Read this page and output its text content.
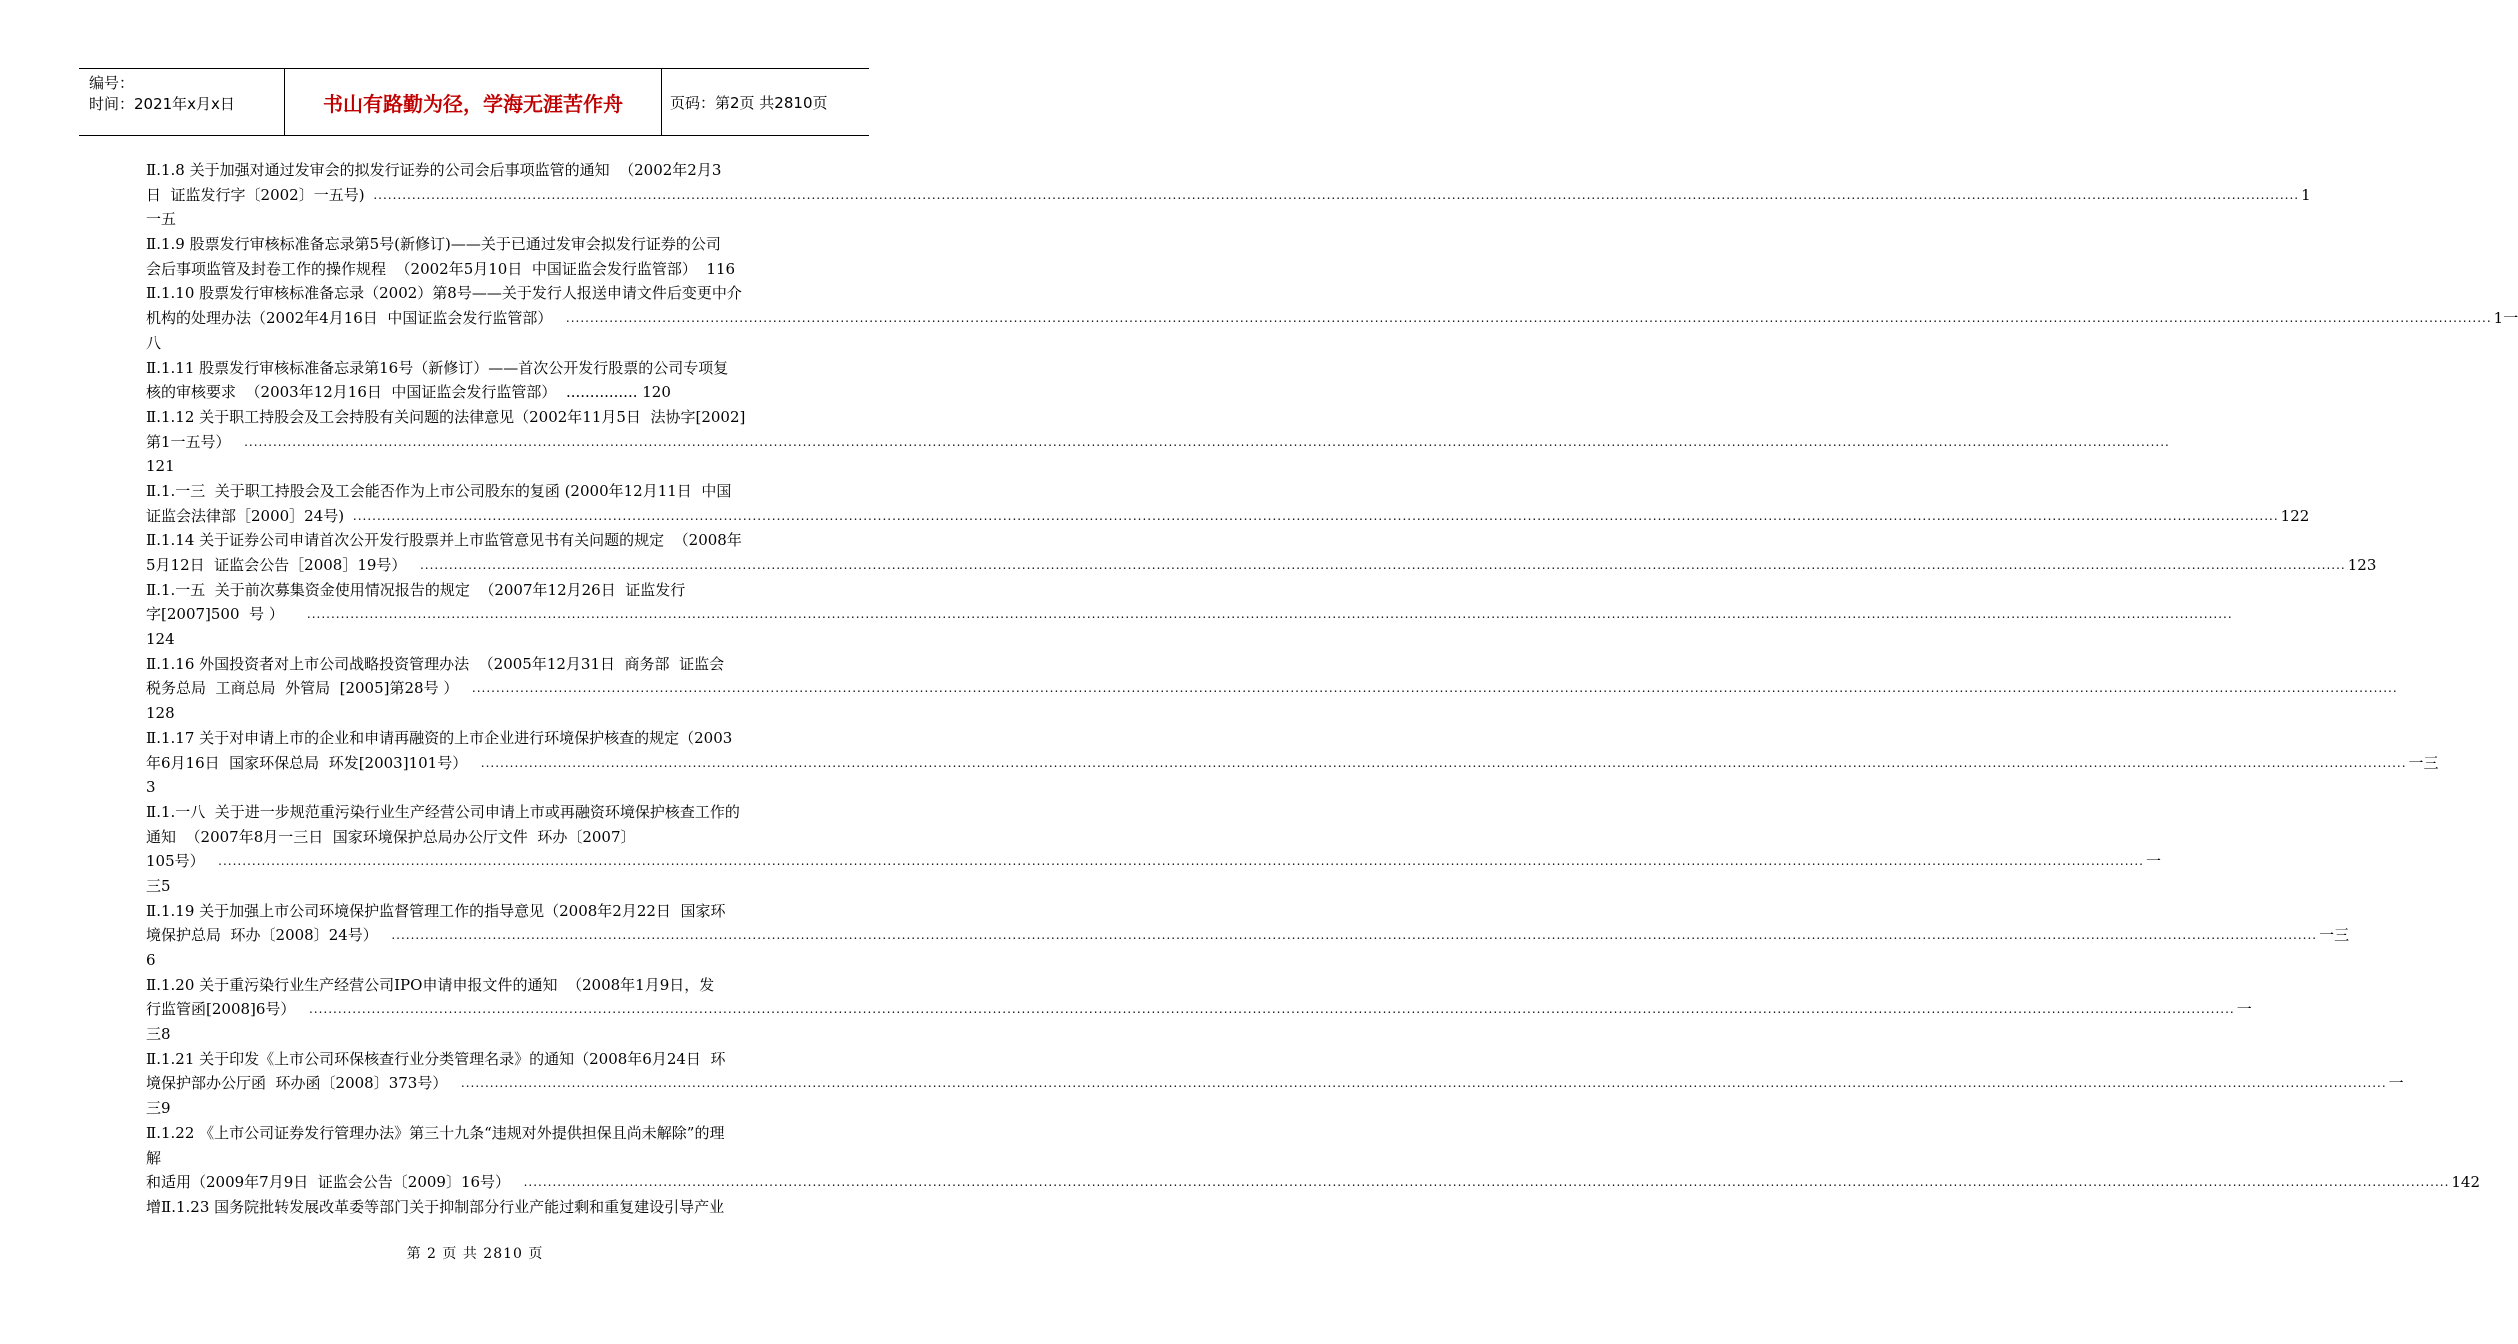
编号：
时间：2021年x月x日	书山有路勤为径，学海无涯苦作舟	页码：第2页 共2810页
Ⅱ.1.8 关于加强对通过发审会的拟发行证券的公司会后事项监管的通知  （2002年2月3
日  证监发行字〔2002〕一五号) ................................................................................................................................................................................................................................................................................................................................................................................................................ 1
一五
Ⅱ.1.9 股票发行审核标准备忘录第5号(新修订)——关于已通过发审会拟发行证券的公司
会后事项监管及封卷工作的操作规程  （2002年5月10日  中国证监会发行监管部）  116
Ⅱ.1.10 股票发行审核标准备忘录（2002）第8号——关于发行人报送申请文件后变更中介
机构的处理办法（2002年4月16日  中国证监会发行监管部） ................................................................................................................................................................................................................................................................................................................................................................................................................ 1一
八
Ⅱ.1.11 股票发行审核标准备忘录第16号（新修订）——首次公开发行股票的公司专项复
核的审核要求  （2003年12月16日  中国证监会发行监管部）  ............... 120
Ⅱ.1.12 关于职工持股会及工会持股有关问题的法律意见（2002年11月5日  法协字[2002]
第1一五号） ................................................................................................................................................................................................................................................................................................................................................................................................................
121
Ⅱ.1.一三  关于职工持股会及工会能否作为上市公司股东的复函 (2000年12月11日  中国
证监会法律部［2000］24号) ................................................................................................................................................................................................................................................................................................................................................................................................................ 122
Ⅱ.1.14 关于证券公司申请首次公开发行股票并上市监管意见书有关问题的规定  （2008年
5月12日  证监会公告［2008］19号） ................................................................................................................................................................................................................................................................................................................................................................................................................ 123
Ⅱ.1.一五  关于前次募集资金使用情况报告的规定  （2007年12月26日  证监发行
字[2007]500  号 ） ................................................................................................................................................................................................................................................................................................................................................................................................................
124
Ⅱ.1.16 外国投资者对上市公司战略投资管理办法  （2005年12月31日  商务部  证监会
税务总局  工商总局  外管局  [2005]第28号 ） ................................................................................................................................................................................................................................................................................................................................................................................................................
128
Ⅱ.1.17 关于对申请上市的企业和申请再融资的上市企业进行环境保护核查的规定（2003
年6月16日  国家环保总局  环发[2003]101号） ................................................................................................................................................................................................................................................................................................................................................................................................................ 一三
3
Ⅱ.1.一八  关于进一步规范重污染行业生产经营公司申请上市或再融资环境保护核查工作的
通知  （2007年8月一三日  国家环境保护总局办公厅文件  环办〔2007〕
105号） ................................................................................................................................................................................................................................................................................................................................................................................................................ 一
三5
Ⅱ.1.19 关于加强上市公司环境保护监督管理工作的指导意见（2008年2月22日  国家环
境保护总局  环办〔2008〕24号） ................................................................................................................................................................................................................................................................................................................................................................................................................ 一三
6
Ⅱ.1.20 关于重污染行业生产经营公司IPO申请申报文件的通知  （2008年1月9日，发
行监管函[2008]6号） ................................................................................................................................................................................................................................................................................................................................................................................................................ 一
三8
Ⅱ.1.21 关于印发《上市公司环保核查行业分类管理名录》的通知（2008年6月24日  环
境保护部办公厅函  环办函〔2008〕373号） ................................................................................................................................................................................................................................................................................................................................................................................................................ 一
三9
Ⅱ.1.22 《上市公司证券发行管理办法》第三十九条“违规对外提供担保且尚未解除”的理
解
和适用（2009年7月9日  证监会公告〔2009〕16号） ................................................................................................................................................................................................................................................................................................................................................................................................................ 142
增Ⅱ.1.23 国务院批转发展改革委等部门关于抑制部分行业产能过剩和重复建设引导产业
第 2 页 共 2810 页
